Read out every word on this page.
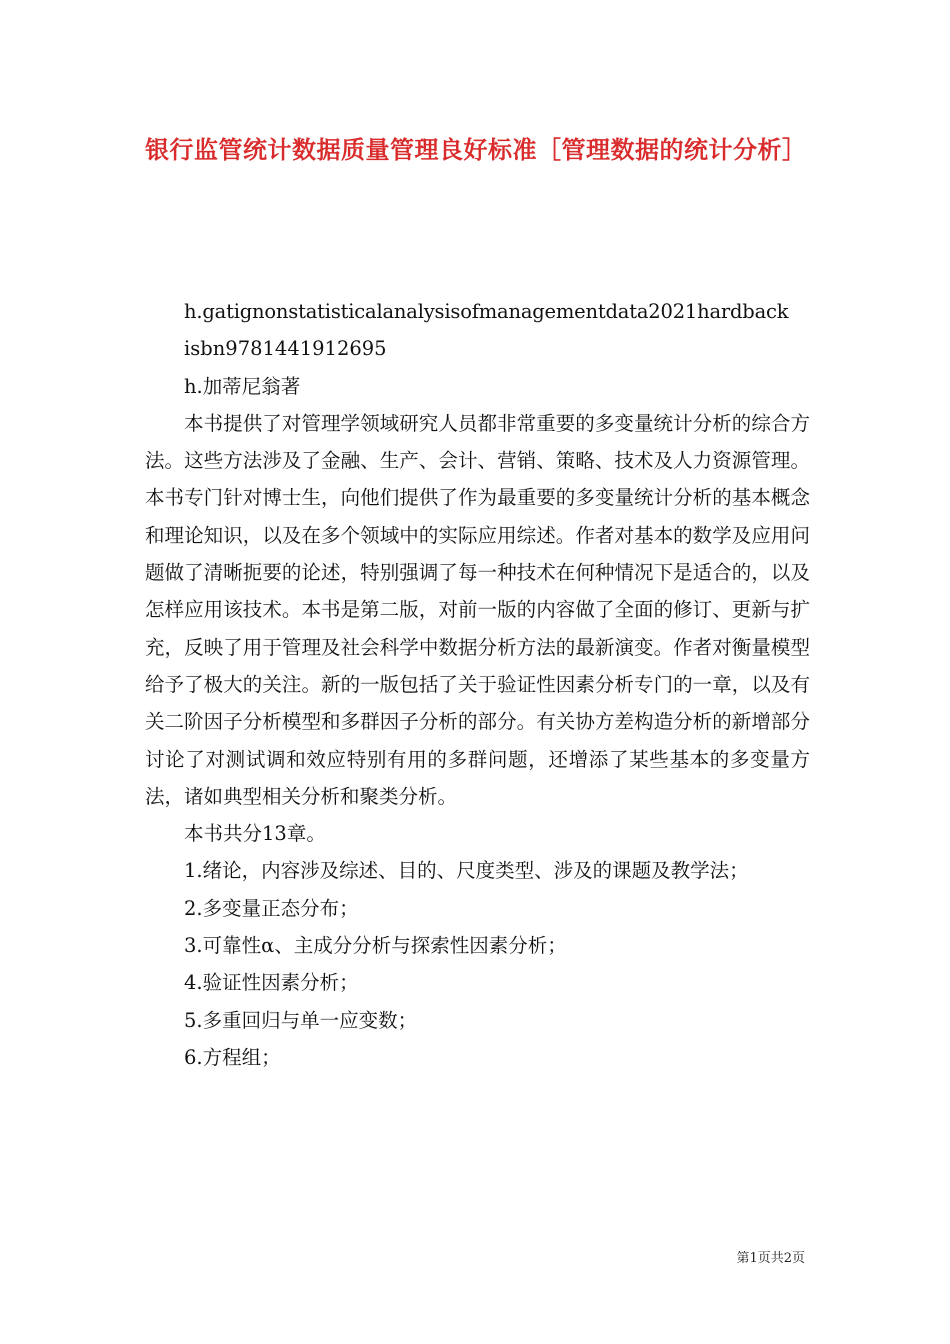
银行监管统计数据质量管理良好标准［管理数据的统计分析］

h.gatignonstatisticalanalysisofmanagementdata2021hardback

isbn9781441912695

h.加蒂尼翁著

本书提供了对管理学领域研究人员都非常重要的多变量统计分析的综合方法。这些方法涉及了金融、生产、会计、营销、策略、技术及人力资源管理。本书专门针对博士生，向他们提供了作为最重要的多变量统计分析的基本概念和理论知识，以及在多个领域中的实际应用综述。作者对基本的数学及应用问题做了清晰扼要的论述，特别强调了每一种技术在何种情况下是适合的，以及怎样应用该技术。本书是第二版，对前一版的内容做了全面的修订、更新与扩充，反映了用于管理及社会科学中数据分析方法的最新演变。作者对衡量模型给予了极大的关注。新的一版包括了关于验证性因素分析专门的一章，以及有关二阶因子分析模型和多群因子分析的部分。有关协方差构造分析的新增部分讨论了对测试调和效应特别有用的多群问题，还增添了某些基本的多变量方法，诸如典型相关分析和聚类分析。

本书共分13章。

1.绪论，内容涉及综述、目的、尺度类型、涉及的课题及教学法；

2.多变量正态分布；

3.可靠性α、主成分分析与探索性因素分析；

4.验证性因素分析；

5.多重回归与单一应变数；

6.方程组；

第1页共2页
